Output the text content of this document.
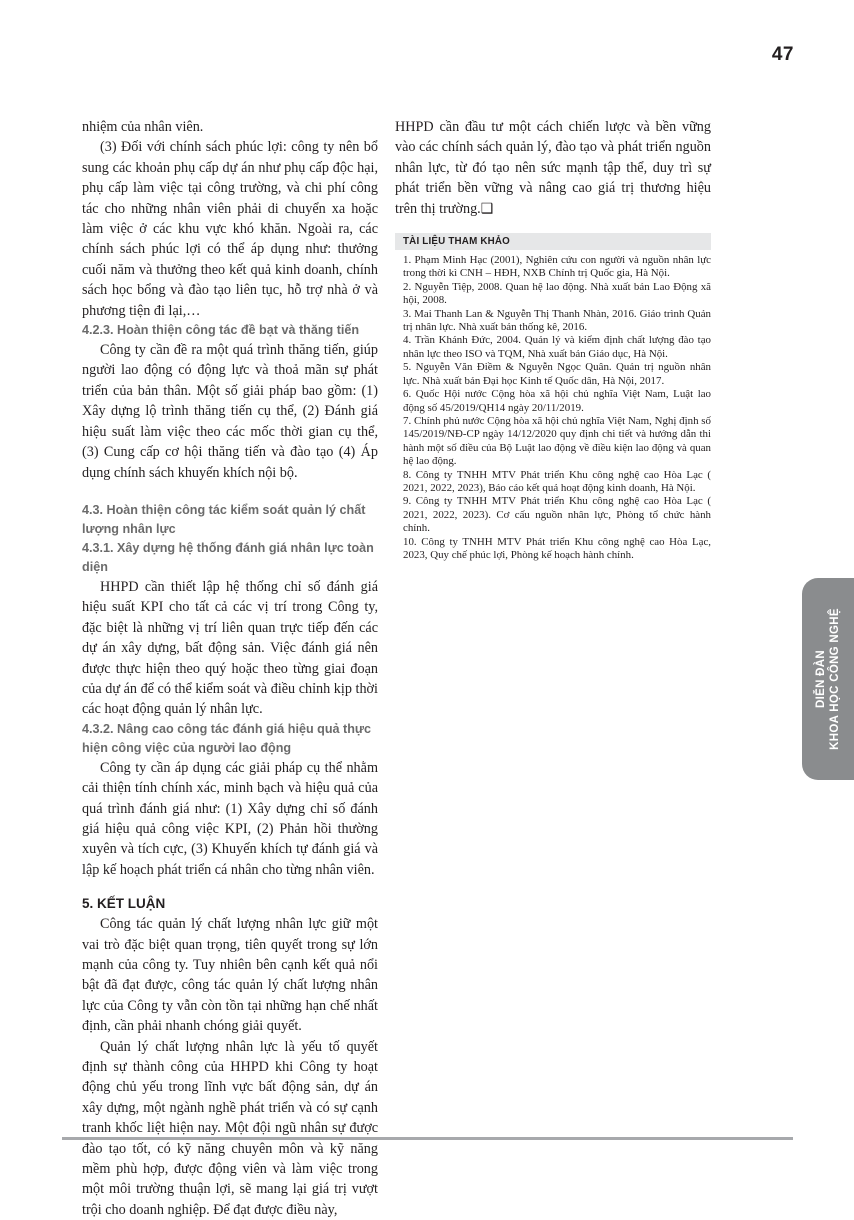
47

nhiệm của nhân viên.

(3) Đối với chính sách phúc lợi: công ty nên bổ sung các khoản phụ cấp dự án như phụ cấp độc hại, phụ cấp làm việc tại công trường, và chi phí công tác cho những nhân viên phải di chuyển xa hoặc làm việc ở các khu vực khó khăn. Ngoài ra, các chính sách phúc lợi có thể áp dụng như: thưởng cuối năm và thưởng theo kết quả kinh doanh, chính sách học bổng và đào tạo liên tục, hỗ trợ nhà ở và phương tiện đi lại,…

4.2.3. Hoàn thiện công tác đề bạt và thăng tiến

Công ty cần đề ra một quá trình thăng tiến, giúp người lao động có động lực và thoả mãn sự phát triển của bản thân. Một số giải pháp bao gồm: (1) Xây dựng lộ trình thăng tiến cụ thể, (2) Đánh giá hiệu suất làm việc theo các mốc thời gian cụ thể, (3) Cung cấp cơ hội thăng tiến và đào tạo (4) Áp dụng chính sách khuyến khích nội bộ.

4.3. Hoàn thiện công tác kiểm soát quản lý chất lượng nhân lực
4.3.1. Xây dựng hệ thống đánh giá nhân lực toàn diện

HHPD cần thiết lập hệ thống chỉ số đánh giá hiệu suất KPI cho tất cả các vị trí trong Công ty, đặc biệt là những vị trí liên quan trực tiếp đến các dự án xây dựng, bất động sản. Việc đánh giá nên được thực hiện theo quý hoặc theo từng giai đoạn của dự án để có thể kiểm soát và điều chỉnh kịp thời các hoạt động quản lý nhân lực.

4.3.2. Nâng cao công tác đánh giá hiệu quả thực hiện công việc của người lao động

Công ty cần áp dụng các giải pháp cụ thể nhằm cải thiện tính chính xác, minh bạch và hiệu quả của quá trình đánh giá như: (1) Xây dựng chỉ số đánh giá hiệu quả công việc KPI, (2) Phản hồi thường xuyên và tích cực, (3) Khuyến khích tự đánh giá và lập kế hoạch phát triển cá nhân cho từng nhân viên.

5. KẾT LUẬN

Công tác quản lý chất lượng nhân lực giữ một vai trò đặc biệt quan trọng, tiên quyết trong sự lớn mạnh của công ty. Tuy nhiên bên cạnh kết quả nổi bật đã đạt được, công tác quản lý chất lượng nhân lực của Công ty vẫn còn tồn tại những hạn chế nhất định, cần phải nhanh chóng giải quyết.

Quản lý chất lượng nhân lực là yếu tố quyết định sự thành công của HHPD khi Công ty hoạt động chủ yếu trong lĩnh vực bất động sản, dự án xây dựng, một ngành nghề phát triển và có sự cạnh tranh khốc liệt hiện nay. Một đội ngũ nhân sự được đào tạo tốt, có kỹ năng chuyên môn và kỹ năng mềm phù hợp, được động viên và làm việc trong một môi trường thuận lợi, sẽ mang lại giá trị vượt trội cho doanh nghiệp. Để đạt được điều này,

HHPD cần đầu tư một cách chiến lược và bền vững vào các chính sách quản lý, đào tạo và phát triển nguồn nhân lực, từ đó tạo nên sức mạnh tập thể, duy trì sự phát triển bền vững và nâng cao giá trị thương hiệu trên thị trường.❑

TÀI LIỆU THAM KHẢO
1. Phạm Minh Hạc (2001), Nghiên cứu con người và nguồn nhân lực trong thời kì CNH – HĐH, NXB Chính trị Quốc gia, Hà Nội.
2. Nguyễn Tiệp, 2008. Quan hệ lao động. Nhà xuất bản Lao Động xã hội, 2008.
3. Mai Thanh Lan & Nguyễn Thị Thanh Nhàn, 2016. Giáo trình Quản trị nhân lực. Nhà xuất bản thống kê, 2016.
4. Trần Khánh Đức, 2004. Quản lý và kiểm định chất lượng đào tạo nhân lực theo ISO và TQM, Nhà xuất bản Giáo dục, Hà Nội.
5. Nguyễn Văn Điềm & Nguyễn Ngọc Quân. Quản trị nguồn nhân lực. Nhà xuất bản Đại học Kinh tế Quốc dân, Hà Nội, 2017.
6. Quốc Hội nước Cộng hòa xã hội chủ nghĩa Việt Nam, Luật lao động số 45/2019/QH14 ngày 20/11/2019.
7. Chính phủ nước Cộng hòa xã hội chủ nghĩa Việt Nam, Nghị định số 145/2019/NĐ-CP ngày 14/12/2020 quy định chi tiết và hướng dẫn thi hành một số điều của Bộ Luật lao động về điều kiện lao động và quan hệ lao động.
8. Công ty TNHH MTV Phát triển Khu công nghệ cao Hòa Lạc ( 2021, 2022, 2023), Báo cáo kết quả hoạt động kinh doanh, Hà Nội.
9. Công ty TNHH MTV Phát triển Khu công nghệ cao Hòa Lạc ( 2021, 2022, 2023). Cơ cấu nguồn nhân lực, Phòng tổ chức hành chính.
10. Công ty TNHH MTV Phát triển Khu công nghệ cao Hòa Lạc, 2023, Quy chế phúc lợi, Phòng kế hoạch hành chính.
DIỄN ĐÀN KHOA HỌC CÔNG NGHỆ
